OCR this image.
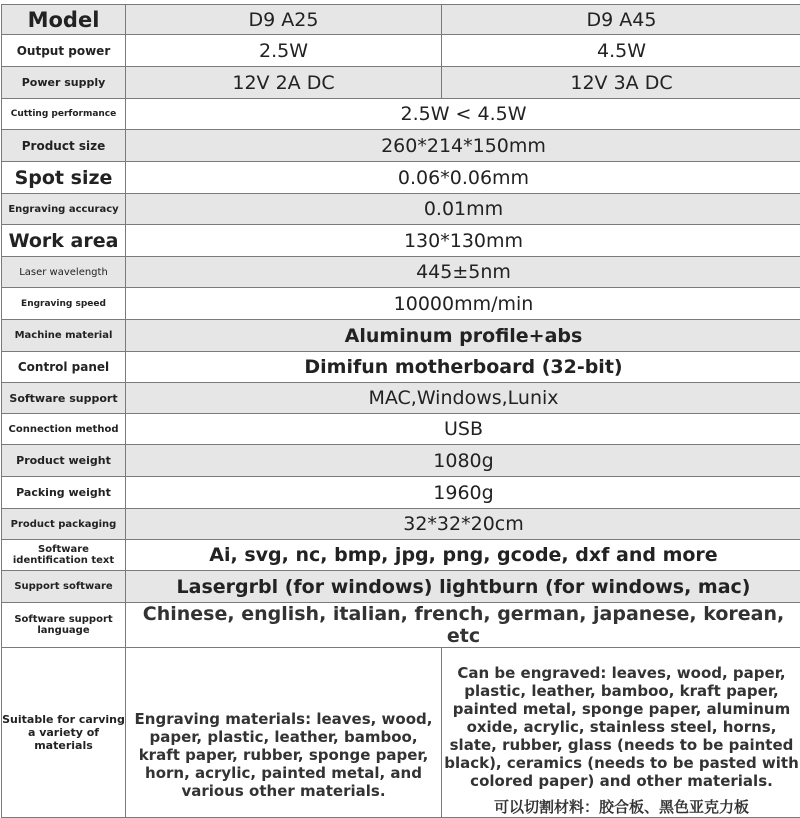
Model	D9 A25	D9 A45
Output power	2.5W	4.5W
Power supply	12V 2A DC	12V 3A DC
Cutting performance	2.5W < 4.5W	
Product size	260*214*150mm	
Spot size	0.06*0.06mm	
Engraving accuracy	0.01mm	
Work area	130*130mm	
Laser wavelength	445±5nm	
Engraving speed	10000mm/min	
Machine material	Aluminum profile+abs	
Control panel	Dimifun motherboard (32-bit)	
Software support	MAC,Windows,Lunix	
Connection method	USB	
Product weight	1080g	
Packing weight	1960g	
Product packaging	32*32*20cm	
Software identification text	Ai, svg, nc, bmp, jpg, png, gcode, dxf and more	
Support software	Lasergrbl (for windows) lightburn (for windows, mac)	
Software support language	Chinese, english, italian, french, german, japanese, korean, etc	
Suitable for carving a variety of materials	Engraving materials: leaves, wood, paper, plastic, leather, bamboo, kraft paper, rubber, sponge paper, horn, acrylic, painted metal, and various other materials.	Can be engraved: leaves, wood, paper, plastic, leather, bamboo, kraft paper, painted metal, sponge paper, aluminum oxide, acrylic, stainless steel, horns, slate, rubber, glass (needs to be painted black), ceramics (needs to be pasted with colored paper) and other materials.
可以切割材料：胶合板、黑色亚克力板
